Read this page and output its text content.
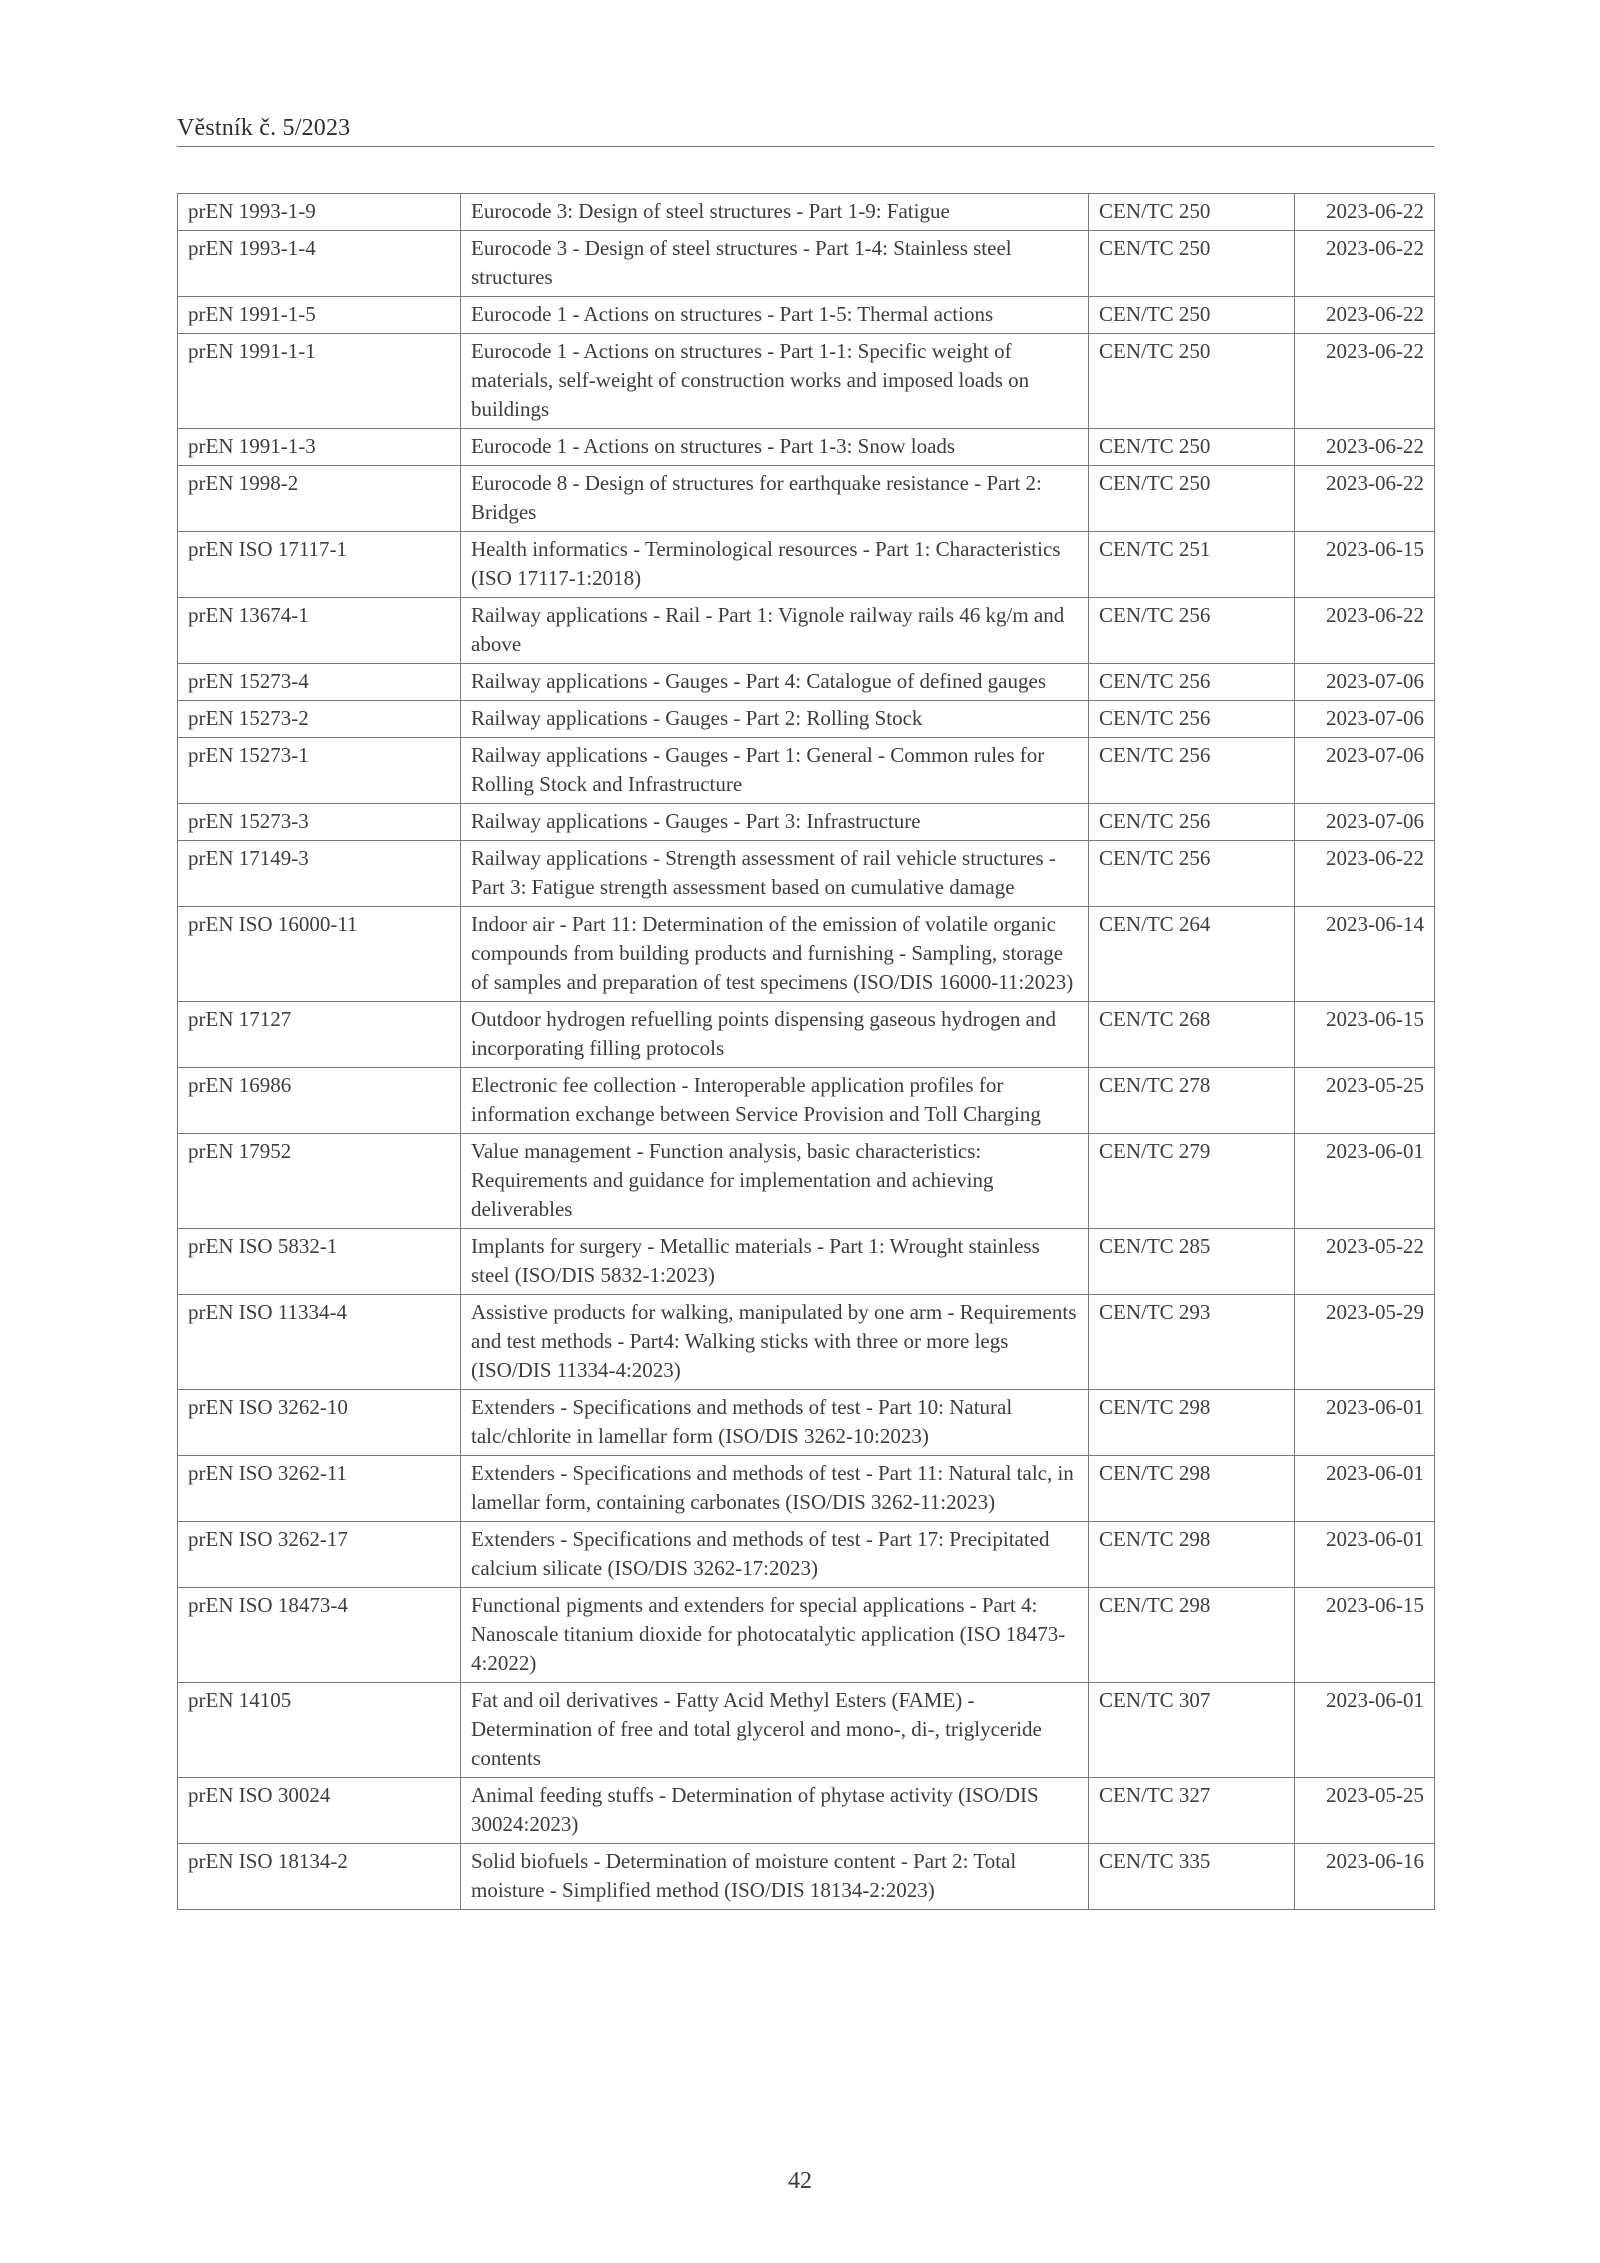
Věstník č. 5/2023
prEN 1993-1-9	Eurocode 3: Design of steel structures - Part 1-9: Fatigue	CEN/TC 250	2023-06-22
prEN 1993-1-4	Eurocode 3 - Design of steel structures - Part 1-4: Stainless steel structures	CEN/TC 250	2023-06-22
prEN 1991-1-5	Eurocode 1 - Actions on structures - Part 1-5: Thermal actions	CEN/TC 250	2023-06-22
prEN 1991-1-1	Eurocode 1 - Actions on structures - Part 1-1: Specific weight of materials, self-weight of construction works and imposed loads on buildings	CEN/TC 250	2023-06-22
prEN 1991-1-3	Eurocode 1 - Actions on structures - Part 1-3: Snow loads	CEN/TC 250	2023-06-22
prEN 1998-2	Eurocode 8 - Design of structures for earthquake resistance - Part 2: Bridges	CEN/TC 250	2023-06-22
prEN ISO 17117-1	Health informatics - Terminological resources - Part 1: Characteristics (ISO 17117-1:2018)	CEN/TC 251	2023-06-15
prEN 13674-1	Railway applications - Rail - Part 1: Vignole railway rails 46 kg/m and above	CEN/TC 256	2023-06-22
prEN 15273-4	Railway applications - Gauges - Part 4: Catalogue of defined gauges	CEN/TC 256	2023-07-06
prEN 15273-2	Railway applications - Gauges - Part 2: Rolling Stock	CEN/TC 256	2023-07-06
prEN 15273-1	Railway applications - Gauges - Part 1: General - Common rules for Rolling Stock and Infrastructure	CEN/TC 256	2023-07-06
prEN 15273-3	Railway applications - Gauges - Part 3: Infrastructure	CEN/TC 256	2023-07-06
prEN 17149-3	Railway applications - Strength assessment of rail vehicle structures - Part 3: Fatigue strength assessment based on cumulative damage	CEN/TC 256	2023-06-22
prEN ISO 16000-11	Indoor air - Part 11: Determination of the emission of volatile organic compounds from building products and furnishing - Sampling, storage of samples and preparation of test specimens (ISO/DIS 16000-11:2023)	CEN/TC 264	2023-06-14
prEN 17127	Outdoor hydrogen refuelling points dispensing gaseous hydrogen and incorporating filling protocols	CEN/TC 268	2023-06-15
prEN 16986	Electronic fee collection - Interoperable application profiles for information exchange between Service Provision and Toll Charging	CEN/TC 278	2023-05-25
prEN 17952	Value management - Function analysis, basic characteristics: Requirements and guidance for implementation and achieving deliverables	CEN/TC 279	2023-06-01
prEN ISO 5832-1	Implants for surgery - Metallic materials - Part 1: Wrought stainless steel (ISO/DIS 5832-1:2023)	CEN/TC 285	2023-05-22
prEN ISO 11334-4	Assistive products for walking, manipulated by one arm - Requirements and test methods - Part4: Walking sticks with three or more legs (ISO/DIS 11334-4:2023)	CEN/TC 293	2023-05-29
prEN ISO 3262-10	Extenders - Specifications and methods of test - Part 10: Natural talc/chlorite in lamellar form (ISO/DIS 3262-10:2023)	CEN/TC 298	2023-06-01
prEN ISO 3262-11	Extenders - Specifications and methods of test - Part 11: Natural talc, in lamellar form, containing carbonates (ISO/DIS 3262-11:2023)	CEN/TC 298	2023-06-01
prEN ISO 3262-17	Extenders - Specifications and methods of test - Part 17: Precipitated calcium silicate (ISO/DIS 3262-17:2023)	CEN/TC 298	2023-06-01
prEN ISO 18473-4	Functional pigments and extenders for special applications - Part 4: Nanoscale titanium dioxide for photocatalytic application (ISO 18473-4:2022)	CEN/TC 298	2023-06-15
prEN 14105	Fat and oil derivatives - Fatty Acid Methyl Esters (FAME) - Determination of free and total glycerol and mono-, di-, triglyceride contents	CEN/TC 307	2023-06-01
prEN ISO 30024	Animal feeding stuffs - Determination of phytase activity (ISO/DIS 30024:2023)	CEN/TC 327	2023-05-25
prEN ISO 18134-2	Solid biofuels - Determination of moisture content - Part 2: Total moisture - Simplified method (ISO/DIS 18134-2:2023)	CEN/TC 335	2023-06-16
42
